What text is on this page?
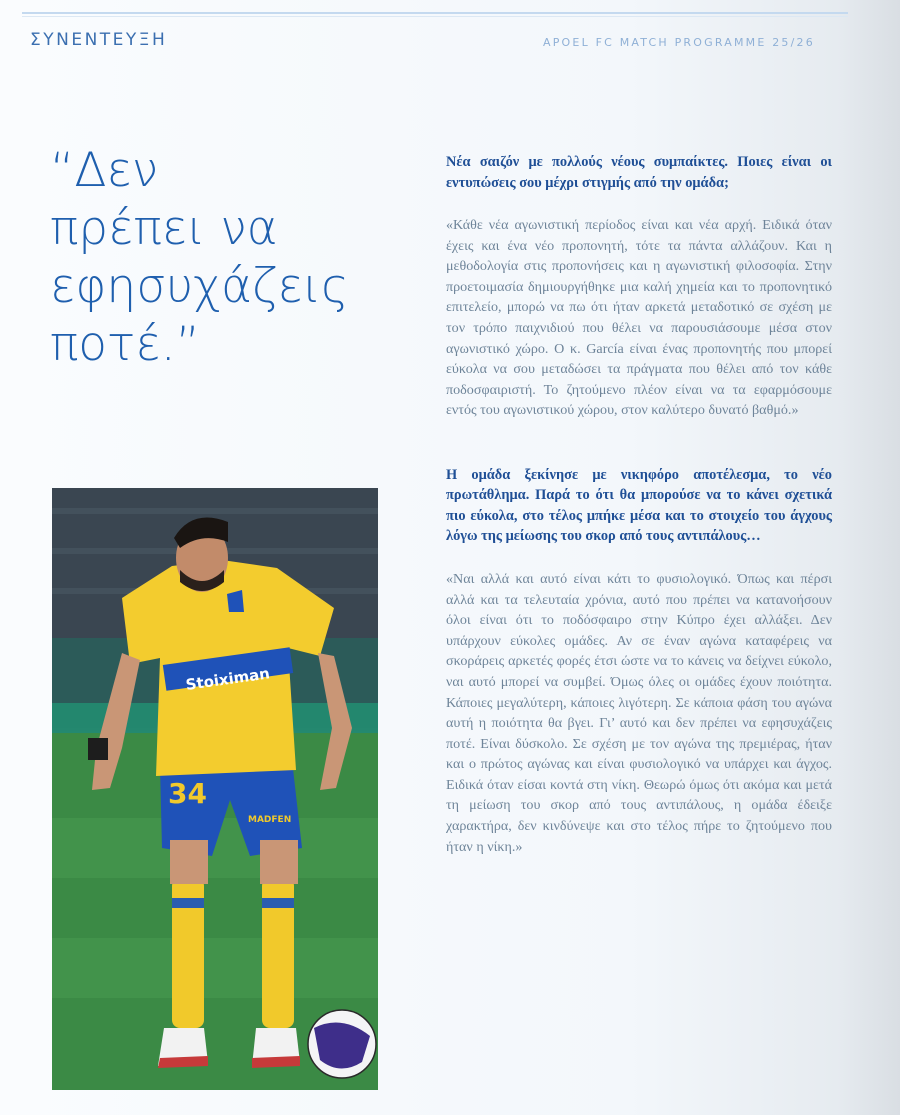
ΣΥΝΕΝΤΕΥΞΗ	APOEL FC MATCH PROGRAMME 25/26
“Δεν
πρέπει να
εφησυχάζεις
ποτέ.”
34
MADFEN
Stoiximan

Νέα σαιζόν με πολλούς νέους συμπαίκτες. Ποιες είναι οι εντυπώσεις σου μέχρι στιγμής από την ομάδα;

«Κάθε νέα αγωνιστική περίοδος είναι και νέα αρχή. Ειδικά όταν έχεις και ένα νέο προπονητή, τότε τα πάντα αλλάζουν. Και η μεθοδολογία στις προπονήσεις και η αγωνιστική φιλοσοφία. Στην προετοιμασία δημιουργήθηκε μια καλή χημεία και το προπονητικό επιτελείο, μπορώ να πω ότι ήταν αρκετά μεταδοτικό σε σχέση με τον τρόπο παιχνιδιού που θέλει να παρουσιάσουμε μέσα στον αγωνιστικό χώρο. Ο κ. García είναι ένας προπονητής που μπορεί εύκολα να σου μεταδώσει τα πράγματα που θέλει από τον κάθε ποδοσφαιριστή. Το ζητούμενο πλέον είναι να τα εφαρμόσουμε εντός του αγωνιστικού χώρου, στον καλύτερο δυνατό βαθμό.»

Η ομάδα ξεκίνησε με νικηφόρο αποτέλεσμα, το νέο πρωτάθλημα. Παρά το ότι θα μπορούσε να το κάνει σχετικά πιο εύκολα, στο τέλος μπήκε μέσα και το στοιχείο του άγχους λόγω της μείωσης του σκορ από τους αντιπάλους…

«Ναι αλλά και αυτό είναι κάτι το φυσιολογικό. Όπως και πέρσι αλλά και τα τελευταία χρόνια, αυτό που πρέπει να κατανοήσουν όλοι είναι ότι το ποδόσφαιρο στην Κύπρο έχει αλλάξει. Δεν υπάρχουν εύκολες ομάδες. Αν σε έναν αγώνα καταφέρεις να σκοράρεις αρκετές φορές έτσι ώστε να το κάνεις να δείχνει εύκολο, ναι αυτό μπορεί να συμβεί. Όμως όλες οι ομάδες έχουν ποιότητα. Κάποιες μεγαλύτερη, κάποιες λιγότερη. Σε κάποια φάση του αγώνα αυτή η ποιότητα θα βγει. Γι’ αυτό και δεν πρέπει να εφησυχάζεις ποτέ. Είναι δύσκολο. Σε σχέση με τον αγώνα της πρεμιέρας, ήταν και ο πρώτος αγώνας και είναι φυσιολογικό να υπάρχει και άγχος. Ειδικά όταν είσαι κοντά στη νίκη. Θεωρώ όμως ότι ακόμα και μετά τη μείωση του σκορ από τους αντιπάλους, η ομάδα έδειξε χαρακτήρα, δεν κινδύνεψε και στο τέλος πήρε το ζητούμενο που ήταν η νίκη.»
